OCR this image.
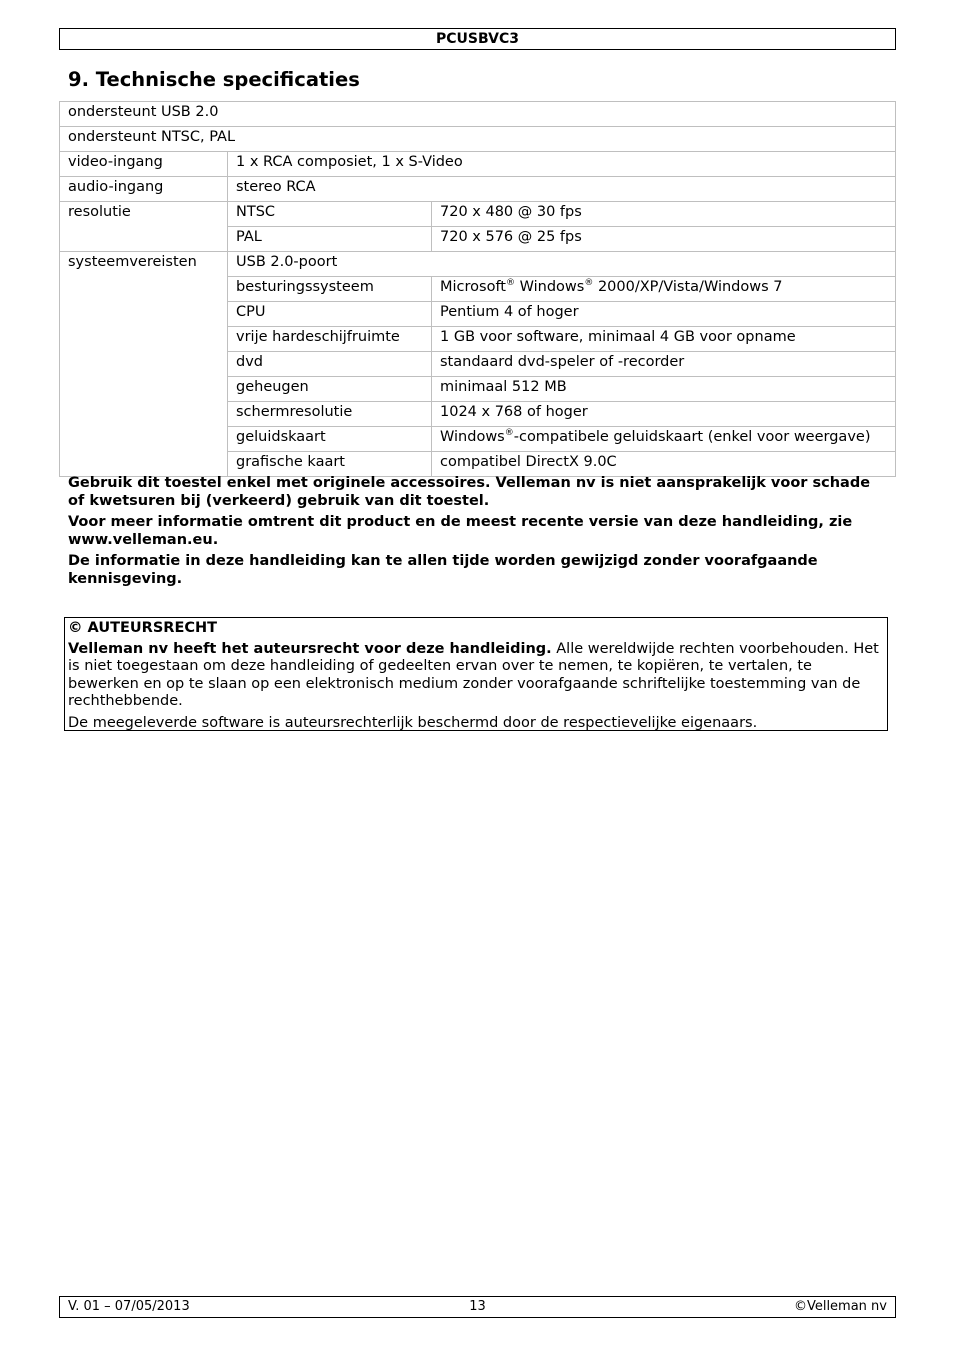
PCUSBVC3
9. Technische specificaties
ondersteunt USB 2.0		
ondersteunt NTSC, PAL		
video-ingang	1 x RCA composiet, 1 x S-Video	
audio-ingang	stereo RCA	
resolutie	NTSC	720 x 480 @ 30 fps
	PAL	720 x 576 @ 25 fps
systeemvereisten	USB 2.0-poort	
	besturingssysteem	Microsoft® Windows® 2000/XP/Vista/Windows 7
	CPU	Pentium 4 of hoger
	vrije hardeschijfruimte	1 GB voor software, minimaal 4 GB voor opname
	dvd	standaard dvd-speler of -recorder
	geheugen	minimaal 512 MB
	schermresolutie	1024 x 768 of hoger
	geluidskaart	Windows®-compatibele geluidskaart (enkel voor weergave)
	grafische kaart	compatibel DirectX 9.0C

Gebruik dit toestel enkel met originele accessoires. Velleman nv is niet aansprakelijk voor schade of kwetsuren bij (verkeerd) gebruik van dit toestel.

Voor meer informatie omtrent dit product en de meest recente versie van deze handleiding, zie www.velleman.eu.

De informatie in deze handleiding kan te allen tijde worden gewijzigd zonder voorafgaande kennisgeving.

© AUTEURSRECHT

Velleman nv heeft het auteursrecht voor deze handleiding. Alle wereldwijde rechten voorbehouden. Het is niet toegestaan om deze handleiding of gedeelten ervan over te nemen, te kopiëren, te vertalen, te bewerken en op te slaan op een elektronisch medium zonder voorafgaande schriftelijke toestemming van de rechthebbende.

De meegeleverde software is auteursrechterlijk beschermd door de respectievelijke eigenaars.

V. 01 – 07/05/2013	13	©Velleman nv
